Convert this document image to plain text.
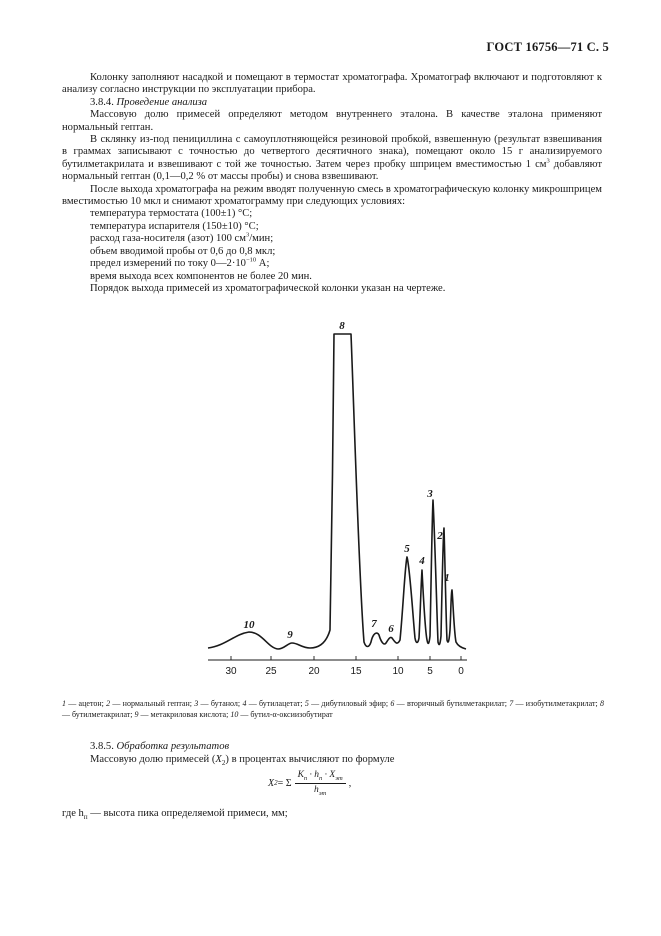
ГОСТ 16756—71 С. 5

Колонку заполняют насадкой и помещают в термостат хроматографа. Хроматограф включают и подготовляют к анализу согласно инструкции по эксплуатации прибора.

3.8.4. Проведение анализа

Массовую долю примесей определяют методом внутреннего эталона. В качестве эталона применяют нормальный гептан.

В склянку из-под пенициллина с самоуплотняющейся резиновой пробкой, взвешенную (результат взвешивания в граммах записывают с точностью до четвертого десятичного знака), помещают около 15 г анализируемого бутилметакрилата и взвешивают с той же точностью. Затем через пробку шприцем вместимостью 1 $см^3$ добавляют нормальный гептан (0,1—0,2 % от массы пробы) и снова взвешивают.

После выхода хроматографа на режим вводят полученную смесь в хроматографическую колонку микрошприцем вместимостью 10 мкл и снимают хроматограмму при следующих условиях:

температура термостата (100±1) °С;

температура испарителя (150±10) °С;

расход газа-носителя (азот) 100 $см^3$/мин;

объем вводимой пробы от 0,6 до 0,8 мкл;

предел измерений по току $0—2\cdot 10^{-10}$ А;

время выхода всех компонентов не более 20 мин.

Порядок выхода примесей из хроматографической колонки указан на чертеже.

30	25	20	15	10 5	0
1
2
3
4
5
6
7
8
9
10
1 — ацетон; 2 — нормальный гептан; 3 — бутанол; 4 — бутилацетат; 5 — дибутиловый эфир; 6 — вторичный бутилметакрилат; 7 — изобутилметакрилат; 8 — бутилметакрилат; 9 — метакриловая кислота; 10 — бутил-α-оксиизобутират

3.8.5. Обработка результатов

Массовую долю примесей $(X_2)$ в процентах вычисляют по формуле

X 2 = Σ $\frac{K_п \cdot h_п \cdot X_{эт}}{h_{эт}}$ ,
где $h_п$ — высота пика определяемой примеси, мм;
